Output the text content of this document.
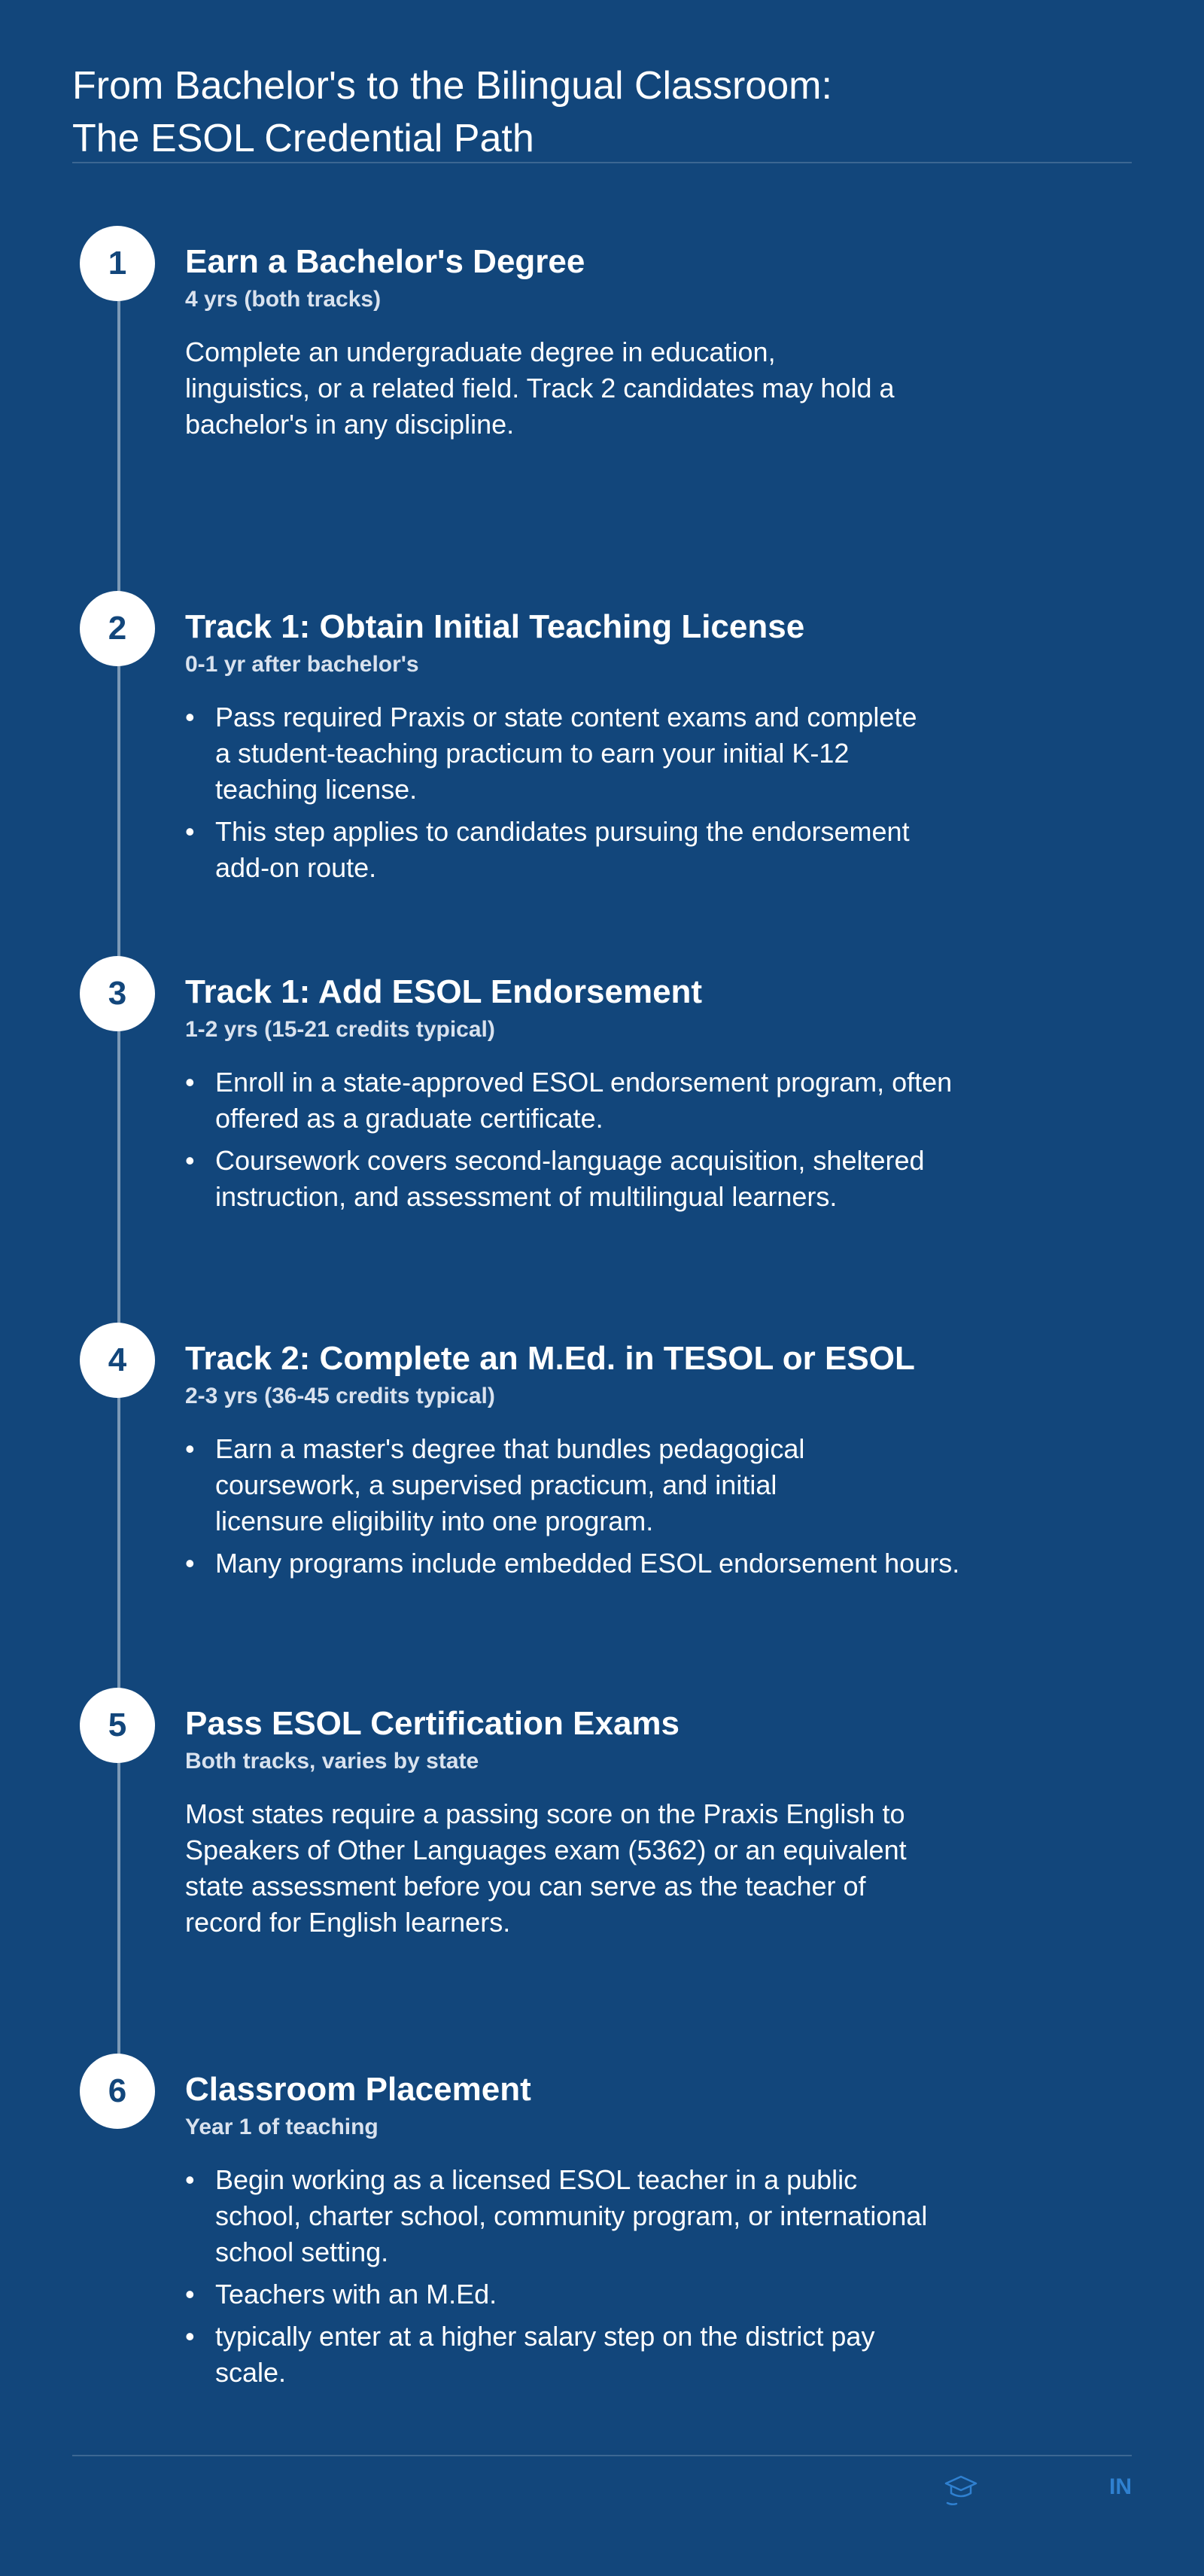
From Bachelor's to the Bilingual Classroom:
The ESOL Credential Path
1	Earn a Bachelor's Degree
4 yrs (both tracks)

Complete an undergraduate degree in education, linguistics, or a related field. Track 2 candidates may hold a bachelor's in any discipline.

2	Track 1: Obtain Initial Teaching License
0-1 yr after bachelor's
• Pass required Praxis or state content exams and complete a student-teaching practicum to earn your initial K-12 teaching license.
• This step applies to candidates pursuing the endorsement add-on route.
3	Track 1: Add ESOL Endorsement
1-2 yrs (15-21 credits typical)
• Enroll in a state-approved ESOL endorsement program, often offered as a graduate certificate.
• Coursework covers second-language acquisition, sheltered instruction, and assessment of multilingual learners.
4	Track 2: Complete an M.Ed. in TESOL or ESOL
2-3 yrs (36-45 credits typical)
• Earn a master's degree that bundles pedagogical coursework, a supervised practicum, and initial licensure eligibility into one program.
• Many programs include embedded ESOL endorsement hours.
5	Pass ESOL Certification Exams
Both tracks, varies by state

Most states require a passing score on the Praxis English to Speakers of Other Languages exam (5362) or an equivalent state assessment before you can serve as the teacher of record for English learners.

6	Classroom Placement
Year 1 of teaching
• Begin working as a licensed ESOL teacher in a public school, charter school, community program, or international school setting.
• Teachers with an M.Ed.
• typically enter at a higher salary step on the district pay scale.
IN
